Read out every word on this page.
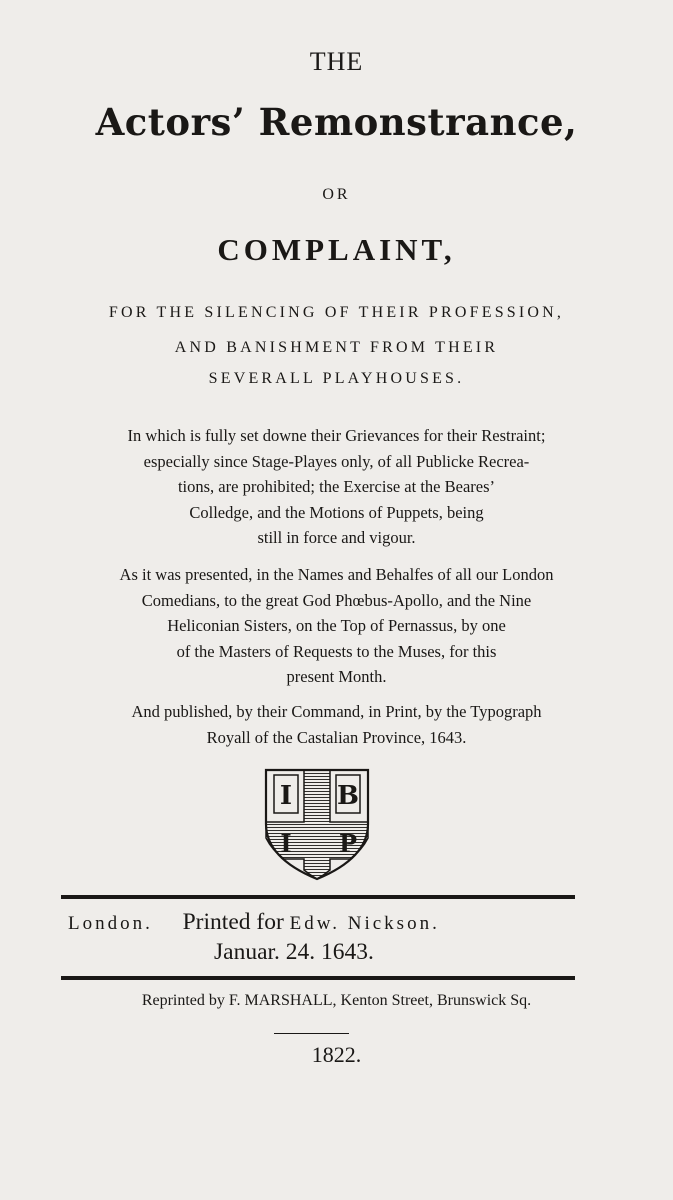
THE
Actors’ Remonstrance,
OR
COMPLAINT,
FOR THE SILENCING OF THEIR PROFESSION,
AND BANISHMENT FROM THEIR
SEVERALL PLAYHOUSES.
In which is fully set downe their Grievances for their Restraint;
especially since Stage-Playes only, of all Publicke Recrea-
tions, are prohibited; the Exercise at the Beares’
Colledge, and the Motions of Puppets, being
still in force and vigour.
As it was presented, in the Names and Behalfes of all our London
Comedians, to the great God Phœbus-Apollo, and the Nine
Heliconian Sisters, on the Top of Pernassus, by one
of the Masters of Requests to the Muses, for this
present Month.
And published, by their Command, in Print, by the Typograph
Royall of the Castalian Province, 1643.
I B
I P
London. Printed for Edw. Nickson.
Januar. 24. 1643.
Reprinted by F. MARSHALL, Kenton Street, Brunswick Sq.
1822.
